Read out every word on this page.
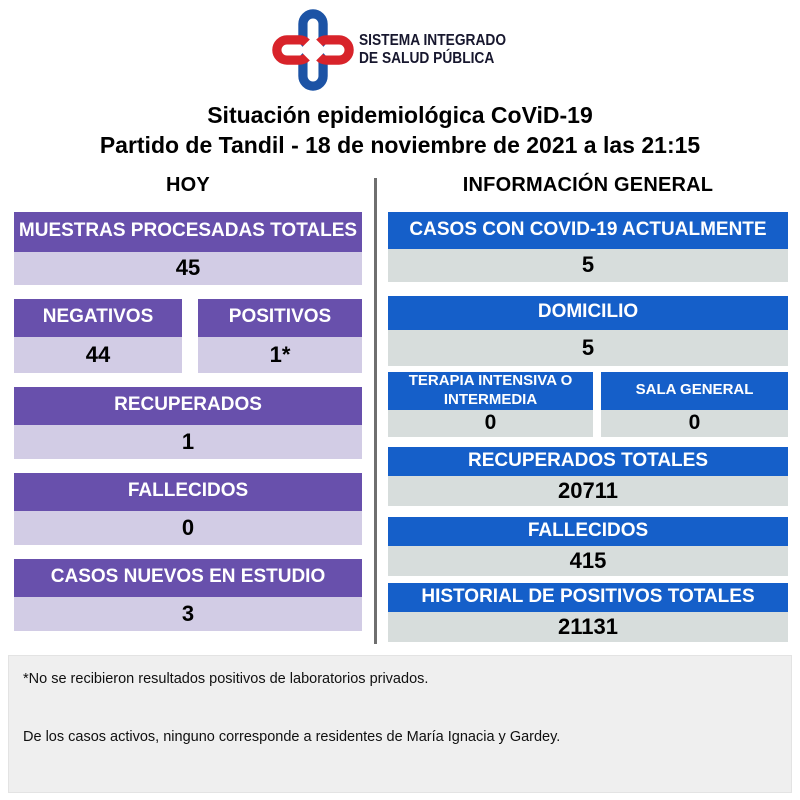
SISTEMA INTEGRADO
DE SALUD PÚBLICA
Situación epidemiológica CoViD-19
Partido de Tandil - 18 de noviembre de 2021 a las 21:15
HOY
MUESTRAS PROCESADAS TOTALES
45
NEGATIVOS
44
POSITIVOS
1*
RECUPERADOS
1
FALLECIDOS
0
CASOS NUEVOS EN ESTUDIO
3
INFORMACIÓN GENERAL
CASOS CON COVID-19 ACTUALMENTE
5
DOMICILIO
5
TERAPIA INTENSIVA O INTERMEDIA
0
SALA GENERAL
0
RECUPERADOS TOTALES
20711
FALLECIDOS
415
HISTORIAL DE POSITIVOS TOTALES
21131
*No se recibieron resultados positivos de laboratorios privados.
De los casos activos, ninguno corresponde a residentes de María Ignacia y Gardey.
